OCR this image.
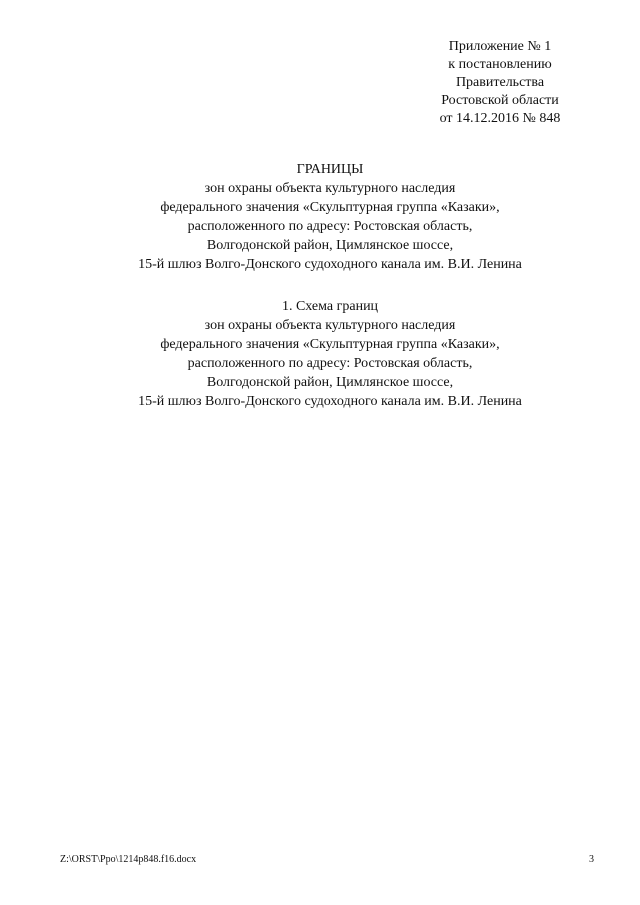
Приложение № 1
к постановлению
Правительства
Ростовской области
от 14.12.2016 № 848
ГРАНИЦЫ
зон охраны объекта культурного наследия
федерального значения «Скульптурная группа «Казаки»,
расположенного по адресу: Ростовская область,
Волгодонской район, Цимлянское шоссе,
15-й шлюз Волго-Донского судоходного канала им. В.И. Ленина
1. Схема границ
зон охраны объекта культурного наследия
федерального значения «Скульптурная группа «Казаки»,
расположенного по адресу: Ростовская область,
Волгодонской район, Цимлянское шоссе,
15-й шлюз Волго-Донского судоходного канала им. В.И. Ленина
Z:\ORST\Ppo\1214p848.f16.docx	3
